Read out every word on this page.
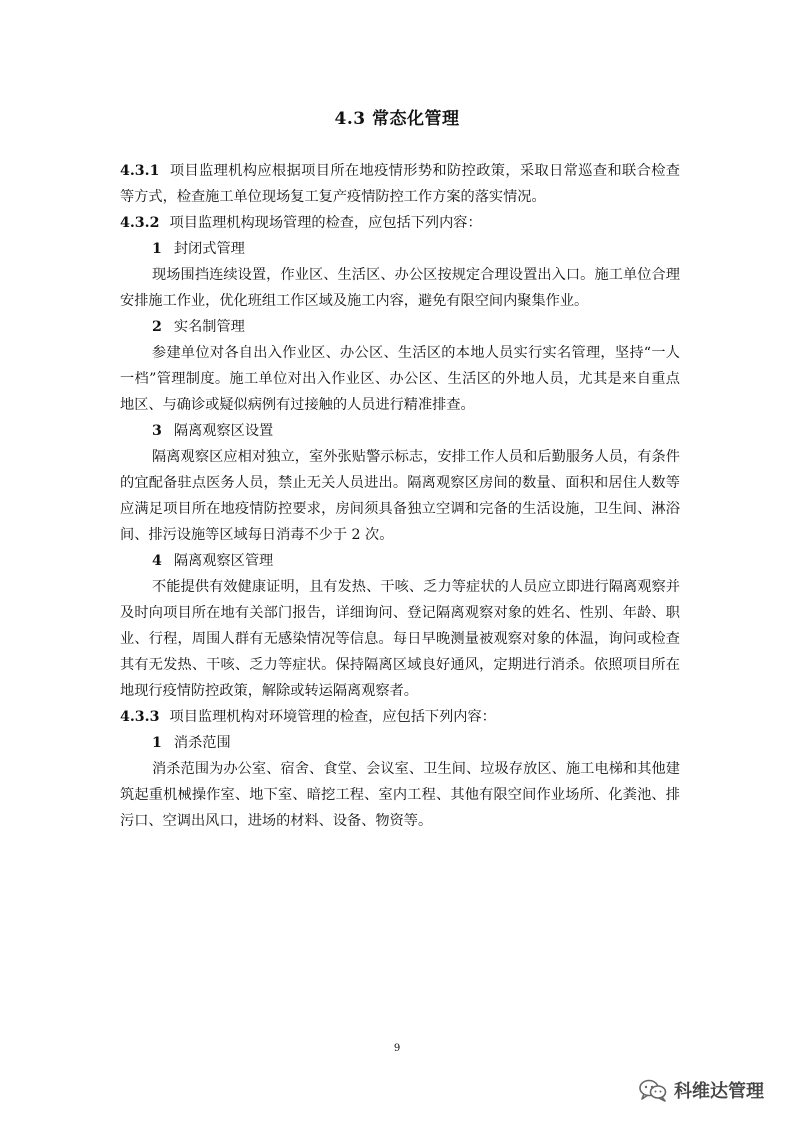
4.3 常态化管理

4.3.1 项目监理机构应根据项目所在地疫情形势和防控政策，采取日常巡查和联合检查等方式，检查施工单位现场复工复产疫情防控工作方案的落实情况。

4.3.2 项目监理机构现场管理的检查，应包括下列内容：

1 封闭式管理

现场围挡连续设置，作业区、生活区、办公区按规定合理设置出入口。施工单位合理安排施工作业，优化班组工作区域及施工内容，避免有限空间内聚集作业。

2 实名制管理

参建单位对各自出入作业区、办公区、生活区的本地人员实行实名管理，坚持“一人一档”管理制度。施工单位对出入作业区、办公区、生活区的外地人员，尤其是来自重点地区、与确诊或疑似病例有过接触的人员进行精准排查。

3 隔离观察区设置

隔离观察区应相对独立，室外张贴警示标志，安排工作人员和后勤服务人员，有条件的宜配备驻点医务人员，禁止无关人员进出。隔离观察区房间的数量、面积和居住人数等应满足项目所在地疫情防控要求，房间须具备独立空调和完备的生活设施，卫生间、淋浴间、排污设施等区域每日消毒不少于 2 次。

4 隔离观察区管理

不能提供有效健康证明，且有发热、干咳、乏力等症状的人员应立即进行隔离观察并及时向项目所在地有关部门报告，详细询问、登记隔离观察对象的姓名、性别、年龄、职业、行程，周围人群有无感染情况等信息。每日早晚测量被观察对象的体温，询问或检查其有无发热、干咳、乏力等症状。保持隔离区域良好通风，定期进行消杀。依照项目所在地现行疫情防控政策，解除或转运隔离观察者。

4.3.3 项目监理机构对环境管理的检查，应包括下列内容：

1 消杀范围

消杀范围为办公室、宿舍、食堂、会议室、卫生间、垃圾存放区、施工电梯和其他建筑起重机械操作室、地下室、暗挖工程、室内工程、其他有限空间作业场所、化粪池、排污口、空调出风口，进场的材料、设备、物资等。

9
科维达管理
